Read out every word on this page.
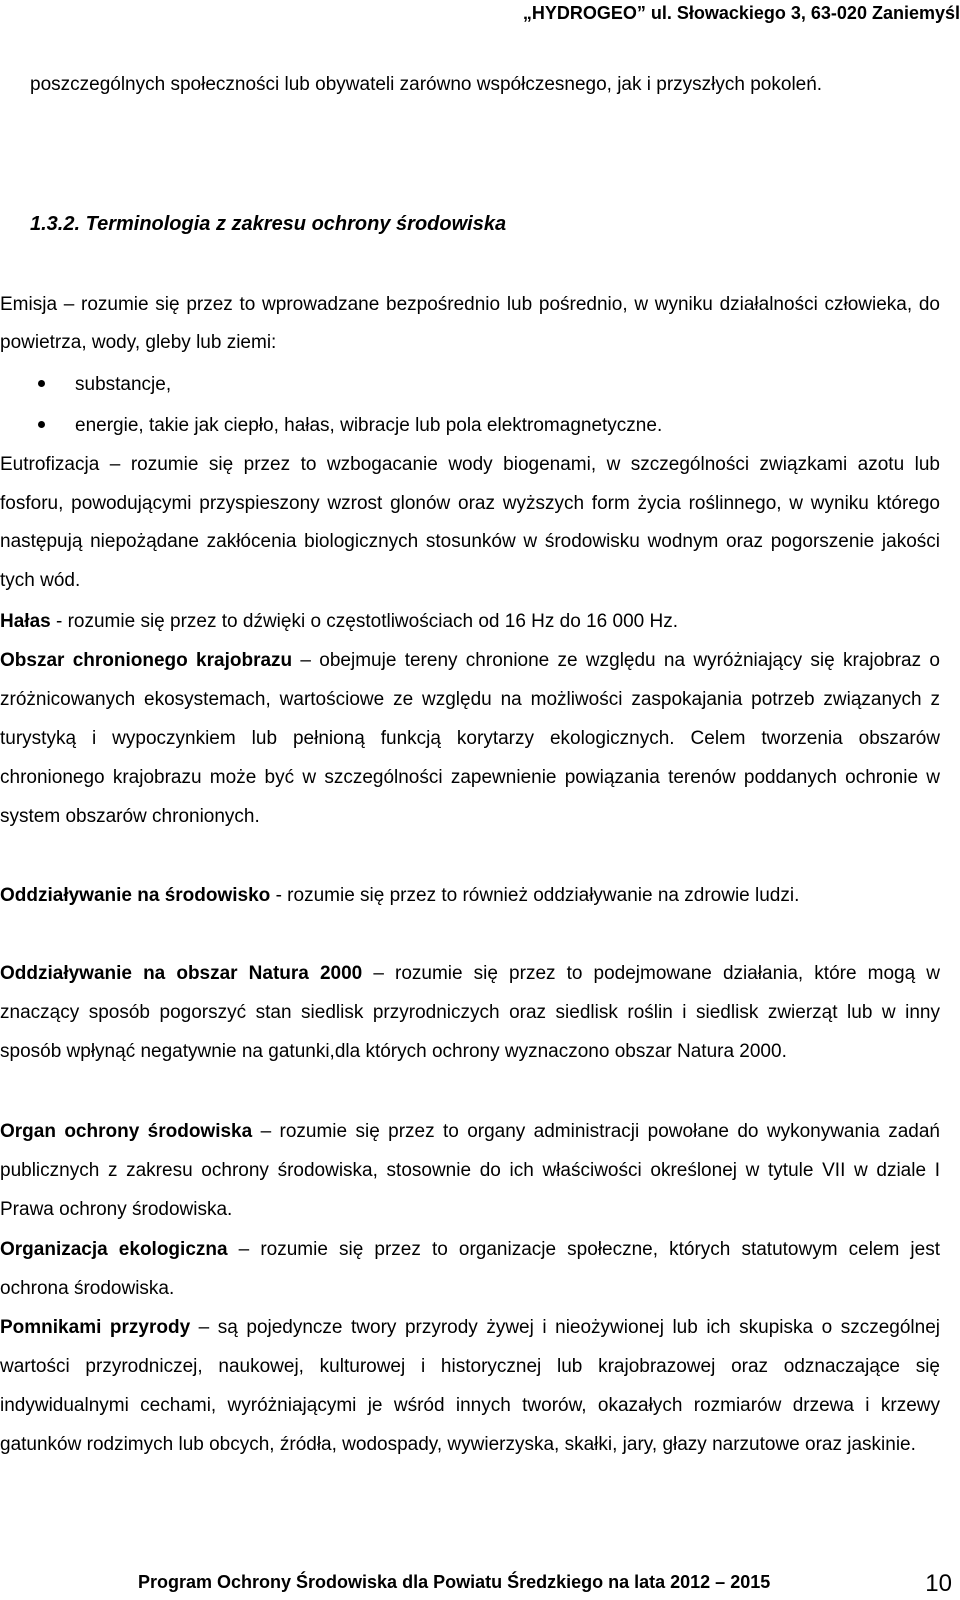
„HYDROGEO” ul. Słowackiego 3, 63-020 Zaniemyśl
poszczególnych społeczności lub obywateli zarówno współczesnego, jak i przyszłych pokoleń.
1.3.2. Terminologia z zakresu ochrony środowiska
Emisja – rozumie się przez to wprowadzane bezpośrednio lub pośrednio, w wyniku działalności człowieka, do powietrza, wody, gleby lub ziemi:
substancje,
energie, takie jak ciepło, hałas, wibracje lub pola elektromagnetyczne.
Eutrofizacja – rozumie się przez to wzbogacanie wody biogenami, w szczególności związkami azotu lub fosforu, powodującymi przyspieszony wzrost glonów oraz wyższych form życia roślinnego, w wyniku którego następują niepożądane zakłócenia biologicznych stosunków w środowisku wodnym oraz pogorszenie jakości tych wód.
Hałas - rozumie się przez to dźwięki o częstotliwościach od 16 Hz do 16 000 Hz.
Obszar chronionego krajobrazu – obejmuje tereny chronione ze względu na wyróżniający się krajobraz o zróżnicowanych ekosystemach, wartościowe ze względu na możliwości zaspokajania potrzeb związanych z turystyką i wypoczynkiem lub pełnioną funkcją korytarzy ekologicznych. Celem tworzenia obszarów chronionego krajobrazu może być w szczególności zapewnienie powiązania terenów poddanych ochronie w system obszarów chronionych.
Oddziaływanie na środowisko - rozumie się przez to również oddziaływanie na zdrowie ludzi.
Oddziaływanie na obszar Natura 2000 – rozumie się przez to podejmowane działania, które mogą w znaczący sposób pogorszyć stan siedlisk przyrodniczych oraz siedlisk roślin i siedlisk zwierząt lub w inny sposób wpłynąć negatywnie na gatunki,dla których ochrony wyznaczono obszar Natura 2000.
Organ ochrony środowiska – rozumie się przez to organy administracji powołane do wykonywania zadań publicznych z zakresu ochrony środowiska, stosownie do ich właściwości określonej w tytule VII w dziale I Prawa ochrony środowiska.
Organizacja ekologiczna – rozumie się przez to organizacje społeczne, których statutowym celem jest ochrona środowiska.
Pomnikami przyrody – są pojedyncze twory przyrody żywej i nieożywionej lub ich skupiska o szczególnej wartości przyrodniczej, naukowej, kulturowej i historycznej lub krajobrazowej oraz odznaczające się indywidualnymi cechami, wyróżniającymi je wśród innych tworów, okazałych rozmiarów drzewa i krzewy gatunków rodzimych lub obcych, źródła, wodospady, wywierzyska, skałki, jary, głazy narzutowe oraz jaskinie.
Program Ochrony Środowiska dla Powiatu Średzkiego na lata 2012 – 2015	10
